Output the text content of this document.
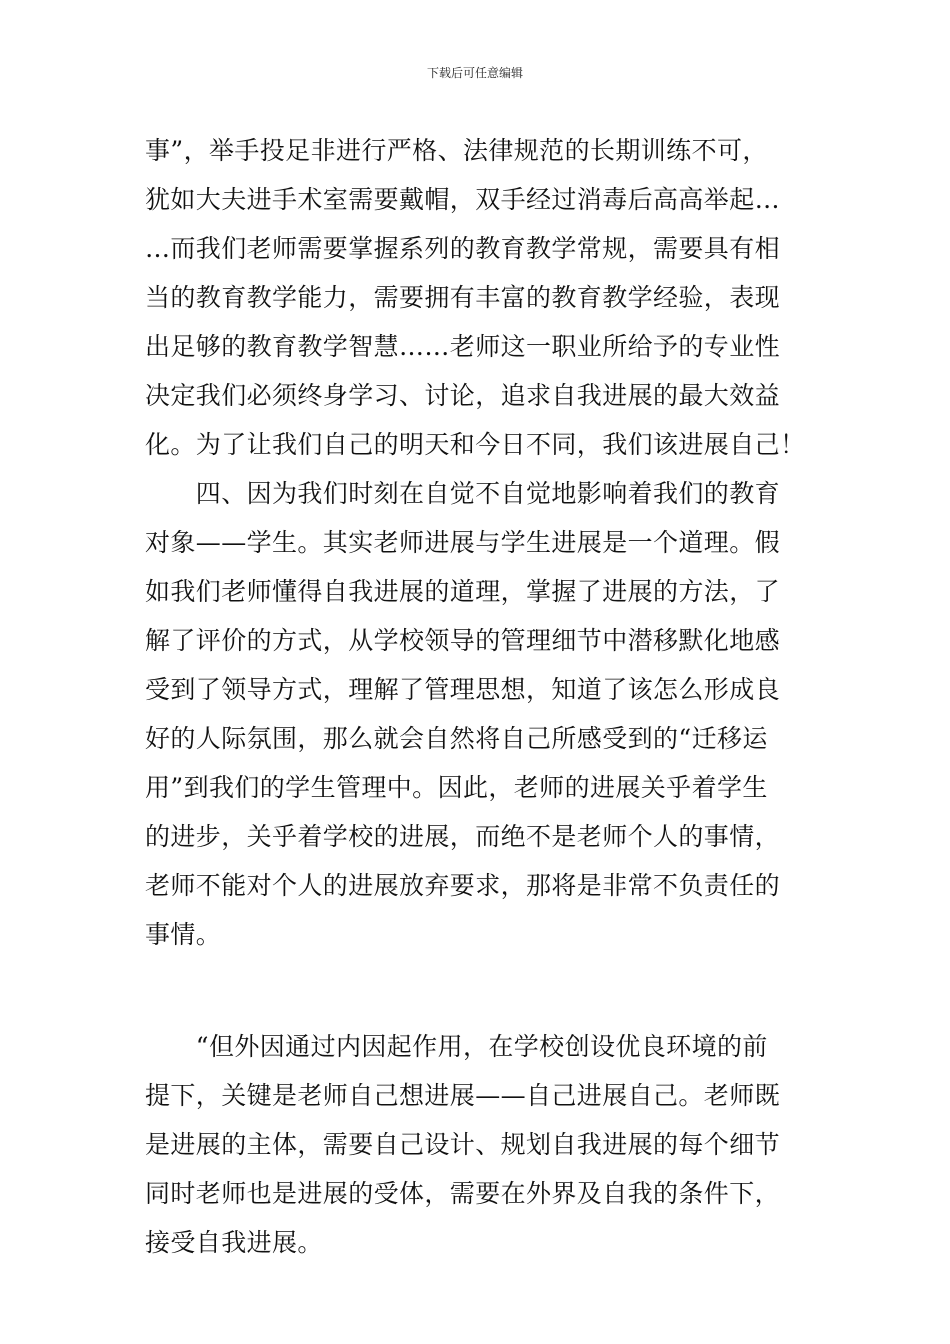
下载后可任意编辑
事”，举手投足非进行严格、法律规范的长期训练不可，
犹如大夫进手术室需要戴帽，双手经过消毒后高高举起…
…而我们老师需要掌握系列的教育教学常规，需要具有相
当的教育教学能力，需要拥有丰富的教育教学经验，表现
出足够的教育教学智慧……老师这一职业所给予的专业性
决定我们必须终身学习、讨论，追求自我进展的最大效益
化。为了让我们自己的明天和今日不同，我们该进展自己！
　　四、因为我们时刻在自觉不自觉地影响着我们的教育
对象——学生。其实老师进展与学生进展是一个道理。假
如我们老师懂得自我进展的道理，掌握了进展的方法，了
解了评价的方式，从学校领导的管理细节中潜移默化地感
受到了领导方式，理解了管理思想，知道了该怎么形成良
好的人际氛围，那么就会自然将自己所感受到的“迁移运
用”到我们的学生管理中。因此，老师的进展关乎着学生
的进步，关乎着学校的进展，而绝不是老师个人的事情，
老师不能对个人的进展放弃要求，那将是非常不负责任的
事情。
　　“但外因通过内因起作用，在学校创设优良环境的前
提下，关键是老师自己想进展——自己进展自己。老师既
是进展的主体，需要自己设计、规划自我进展的每个细节
同时老师也是进展的受体，需要在外界及自我的条件下，
接受自我进展。
